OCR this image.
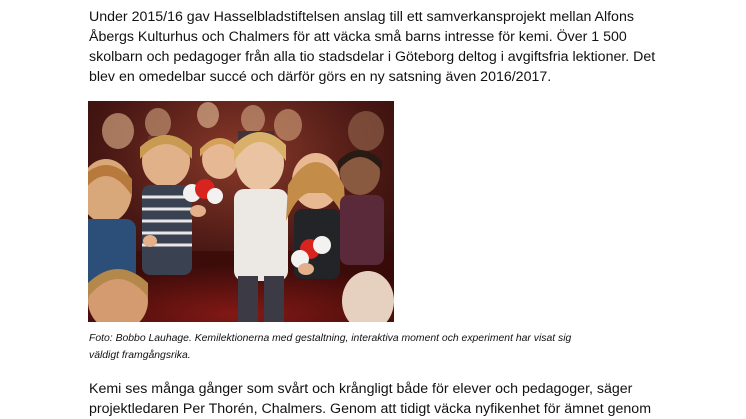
Under 2015/16 gav Hasselbladstiftelsen anslag till ett samverkansprojekt mellan Alfons
Åbergs Kulturhus och Chalmers för att väcka små barns intresse för kemi. Över 1 500
skolbarn och pedagoger från alla tio stadsdelar i Göteborg deltog i avgiftsfria lektioner. Det
blev en omedelbar succé och därför görs en ny satsning även 2016/2017.

Foto: Bobbo Lauhage. Kemilektionerna med gestaltning, interaktiva moment och experiment har visat sig
väldigt framgångsrika.

Kemi ses många gånger som svårt och krångligt både för elever och pedagoger, säger
projektledaren Per Thorén, Chalmers. Genom att tidigt väcka nyfikenhet för ämnet genom
